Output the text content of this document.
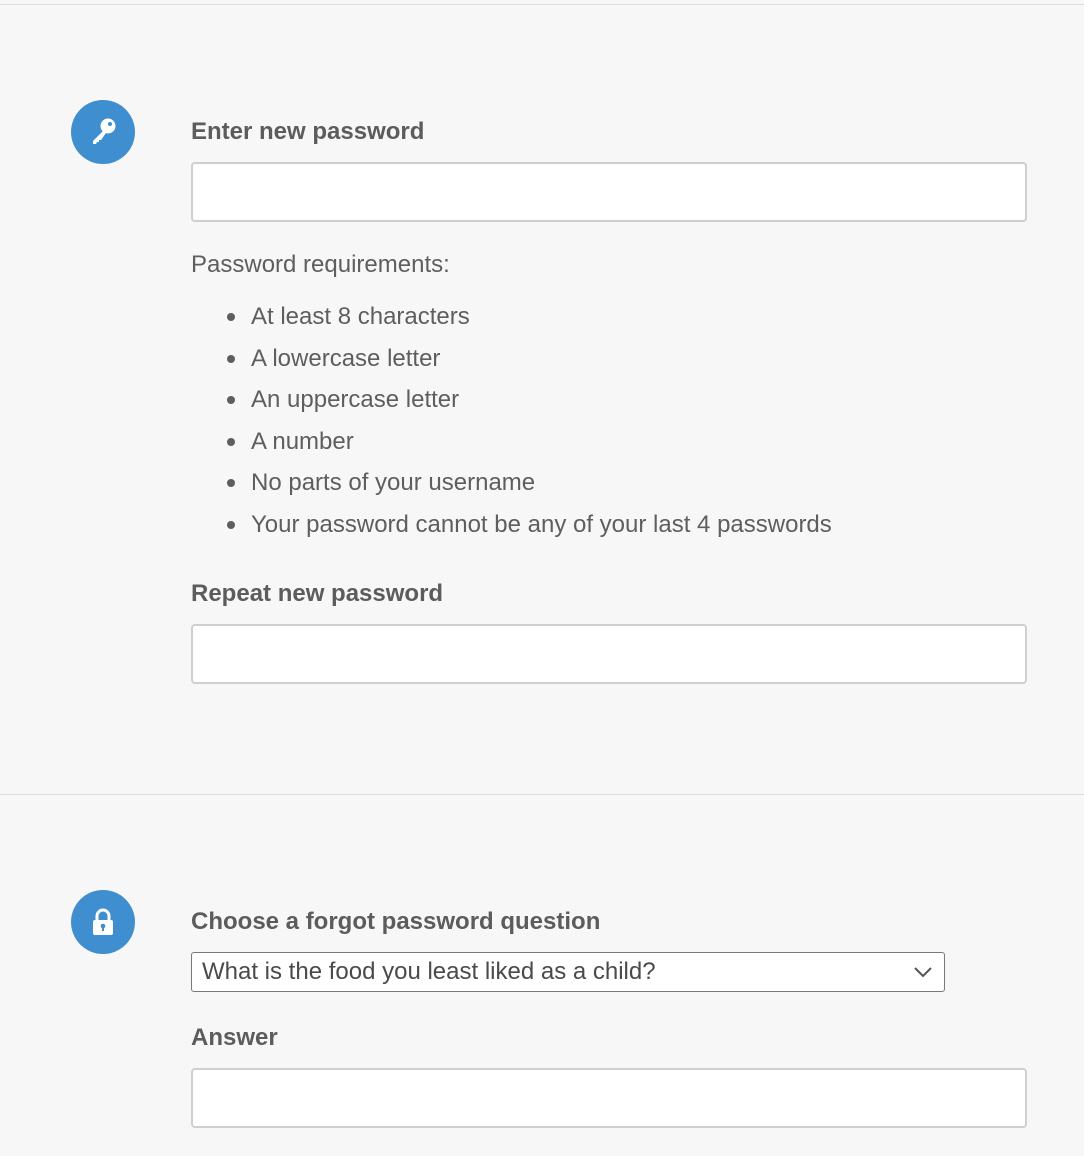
Enter new password

Password requirements:

At least 8 characters
A lowercase letter
An uppercase letter
A number
No parts of your username
Your password cannot be any of your last 4 passwords
Repeat new password
Choose a forgot password question
What is the food you least liked as a child?
Answer
